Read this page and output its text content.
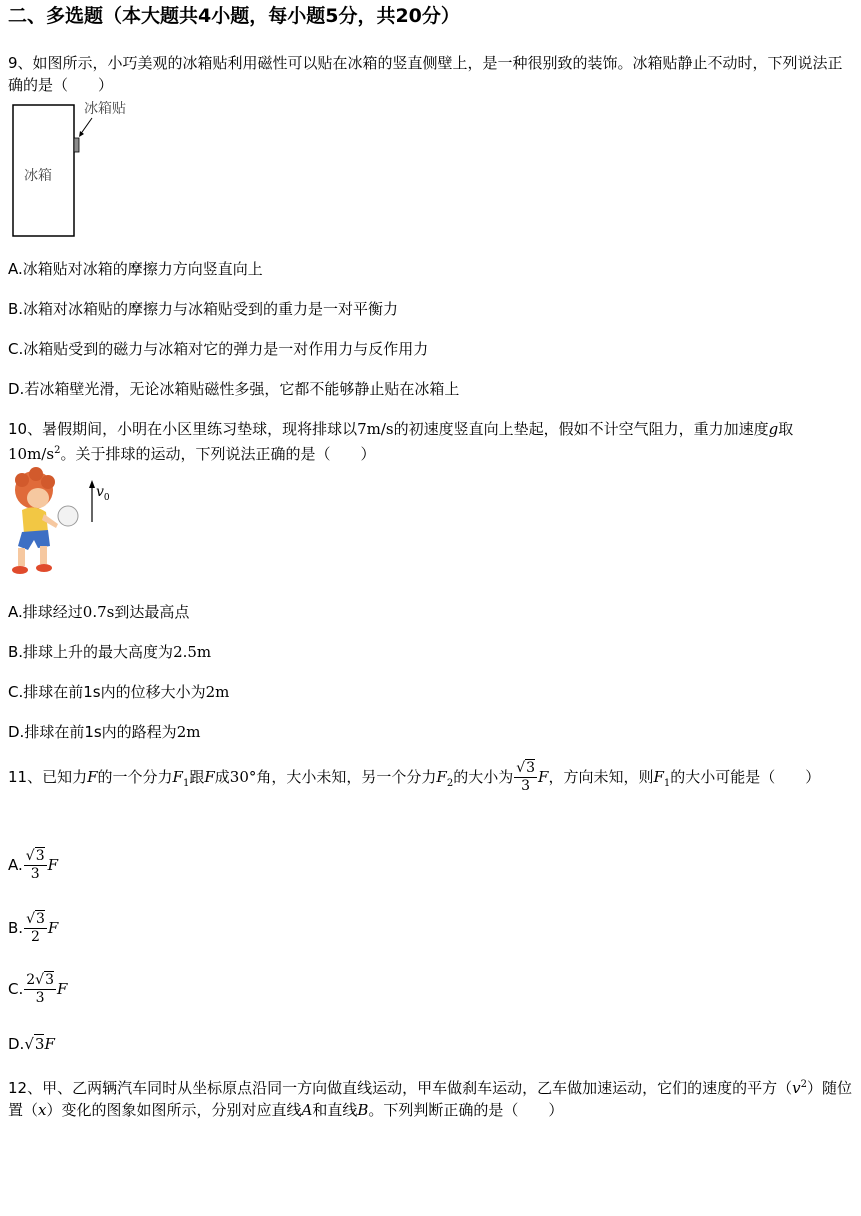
二、多选题（本大题共4小题，每小题5分，共20分）
9、如图所示，小巧美观的冰箱贴利用磁性可以贴在冰箱的竖直侧壁上，是一种很别致的装饰。冰箱贴静止不动时，下列说法正确的是（　　）
冰箱
冰箱贴
A.冰箱贴对冰箱的摩擦力方向竖直向上
B.冰箱对冰箱贴的摩擦力与冰箱贴受到的重力是一对平衡力
C.冰箱贴受到的磁力与冰箱对它的弹力是一对作用力与反作用力
D.若冰箱壁光滑，无论冰箱贴磁性多强，它都不能够静止贴在冰箱上
10、暑假期间，小明在小区里练习垫球，现将排球以7m/s的初速度竖直向上垫起，假如不计空气阻力，重力加速度g取$10m/s^2$。关于排球的运动，下列说法正确的是（　　）
$v_0$
A.排球经过0.7s到达最高点
B.排球上升的最大高度为2.5m
C.排球在前1s内的位移大小为2m
D.排球在前1s内的路程为2m
11、已知力F的一个分力$F_1$跟F成30°角，大小未知，另一个分力$F_2$的大小为 $\frac{√3}{3}$ F，方向未知，则$F_1$的大小可能是（　　）
A. $\frac{√3}{3}$ F
B. $\frac{√3}{2}$ F
C. $\frac{2√3}{3}$ F
D.√3F
12、甲、乙两辆汽车同时从坐标原点沿同一方向做直线运动，甲车做刹车运动，乙车做加速运动，它们的速度的平方$(v^2)$随位置（x）变化的图象如图所示，分别对应直线A和直线B。下列判断正确的是（　　）
